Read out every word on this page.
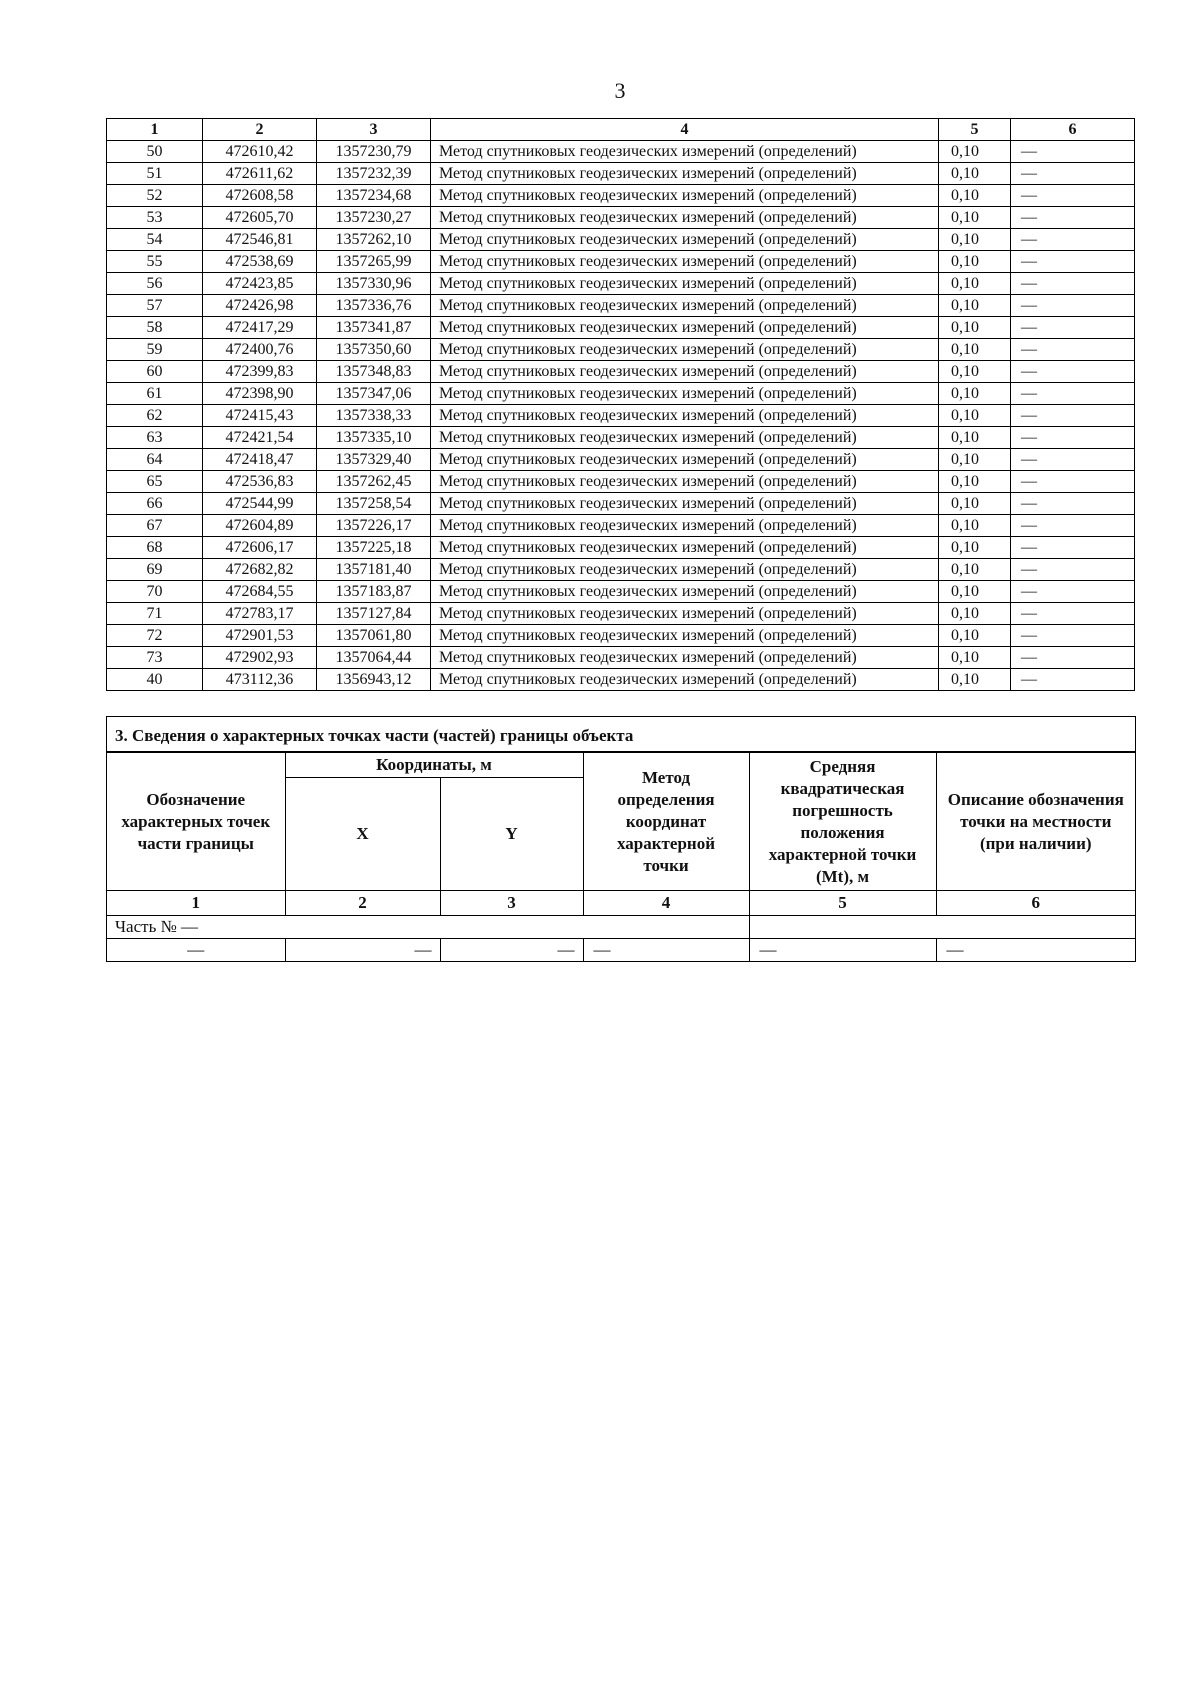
3
1	2	3	4	5	6
50	472610,42	1357230,79	Метод спутниковых геодезических измерений (определений)	0,10	—
51	472611,62	1357232,39	Метод спутниковых геодезических измерений (определений)	0,10	—
52	472608,58	1357234,68	Метод спутниковых геодезических измерений (определений)	0,10	—
53	472605,70	1357230,27	Метод спутниковых геодезических измерений (определений)	0,10	—
54	472546,81	1357262,10	Метод спутниковых геодезических измерений (определений)	0,10	—
55	472538,69	1357265,99	Метод спутниковых геодезических измерений (определений)	0,10	—
56	472423,85	1357330,96	Метод спутниковых геодезических измерений (определений)	0,10	—
57	472426,98	1357336,76	Метод спутниковых геодезических измерений (определений)	0,10	—
58	472417,29	1357341,87	Метод спутниковых геодезических измерений (определений)	0,10	—
59	472400,76	1357350,60	Метод спутниковых геодезических измерений (определений)	0,10	—
60	472399,83	1357348,83	Метод спутниковых геодезических измерений (определений)	0,10	—
61	472398,90	1357347,06	Метод спутниковых геодезических измерений (определений)	0,10	—
62	472415,43	1357338,33	Метод спутниковых геодезических измерений (определений)	0,10	—
63	472421,54	1357335,10	Метод спутниковых геодезических измерений (определений)	0,10	—
64	472418,47	1357329,40	Метод спутниковых геодезических измерений (определений)	0,10	—
65	472536,83	1357262,45	Метод спутниковых геодезических измерений (определений)	0,10	—
66	472544,99	1357258,54	Метод спутниковых геодезических измерений (определений)	0,10	—
67	472604,89	1357226,17	Метод спутниковых геодезических измерений (определений)	0,10	—
68	472606,17	1357225,18	Метод спутниковых геодезических измерений (определений)	0,10	—
69	472682,82	1357181,40	Метод спутниковых геодезических измерений (определений)	0,10	—
70	472684,55	1357183,87	Метод спутниковых геодезических измерений (определений)	0,10	—
71	472783,17	1357127,84	Метод спутниковых геодезических измерений (определений)	0,10	—
72	472901,53	1357061,80	Метод спутниковых геодезических измерений (определений)	0,10	—
73	472902,93	1357064,44	Метод спутниковых геодезических измерений (определений)	0,10	—
40	473112,36	1356943,12	Метод спутниковых геодезических измерений (определений)	0,10	—
3. Сведения о характерных точках части (частей) границы объекта
Обозначение характерных точек части границы	Координаты, м		Метод определения координат характерной точки	Средняя квадратическая погрешность положения характерной точки (Mt), м	Описание обозначения точки на местности (при наличии)
	X	Y			
1	2	3	4	5	6
Часть № —					
—	—	—	—	—	—
